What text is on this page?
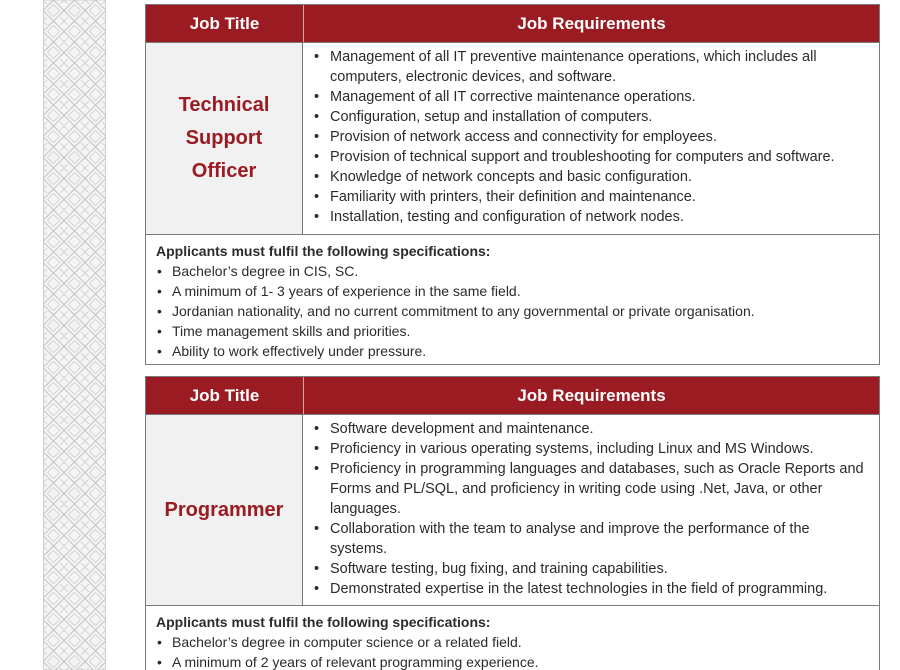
Job Title	Job Requirements
Technical
Support
Officer
• Management of all IT preventive maintenance operations, which includes all computers, electronic devices, and software.
• Management of all IT corrective maintenance operations.
• Configuration, setup and installation of computers.
• Provision of network access and connectivity for employees.
• Provision of technical support and troubleshooting for computers and software.
• Knowledge of network concepts and basic configuration.
• Familiarity with printers, their definition and maintenance.
• Installation, testing and configuration of network nodes.
Applicants must fulfil the following specifications:
• Bachelor’s degree in CIS, SC.
• A minimum of 1- 3 years of experience in the same field.
• Jordanian nationality, and no current commitment to any governmental or private organisation.
• Time management skills and priorities.
• Ability to work effectively under pressure.
Job Title	Job Requirements
Programmer
• Software development and maintenance.
• Proficiency in various operating systems, including Linux and MS Windows.
• Proficiency in programming languages and databases, such as Oracle Reports and Forms and PL/SQL, and proficiency in writing code using .Net, Java, or other languages.
• Collaboration with the team to analyse and improve the performance of the systems.
• Software testing, bug fixing, and training capabilities.
• Demonstrated expertise in the latest technologies in the field of programming.
Applicants must fulfil the following specifications:
• Bachelor’s degree in computer science or a related field.
• A minimum of 2 years of relevant programming experience.
